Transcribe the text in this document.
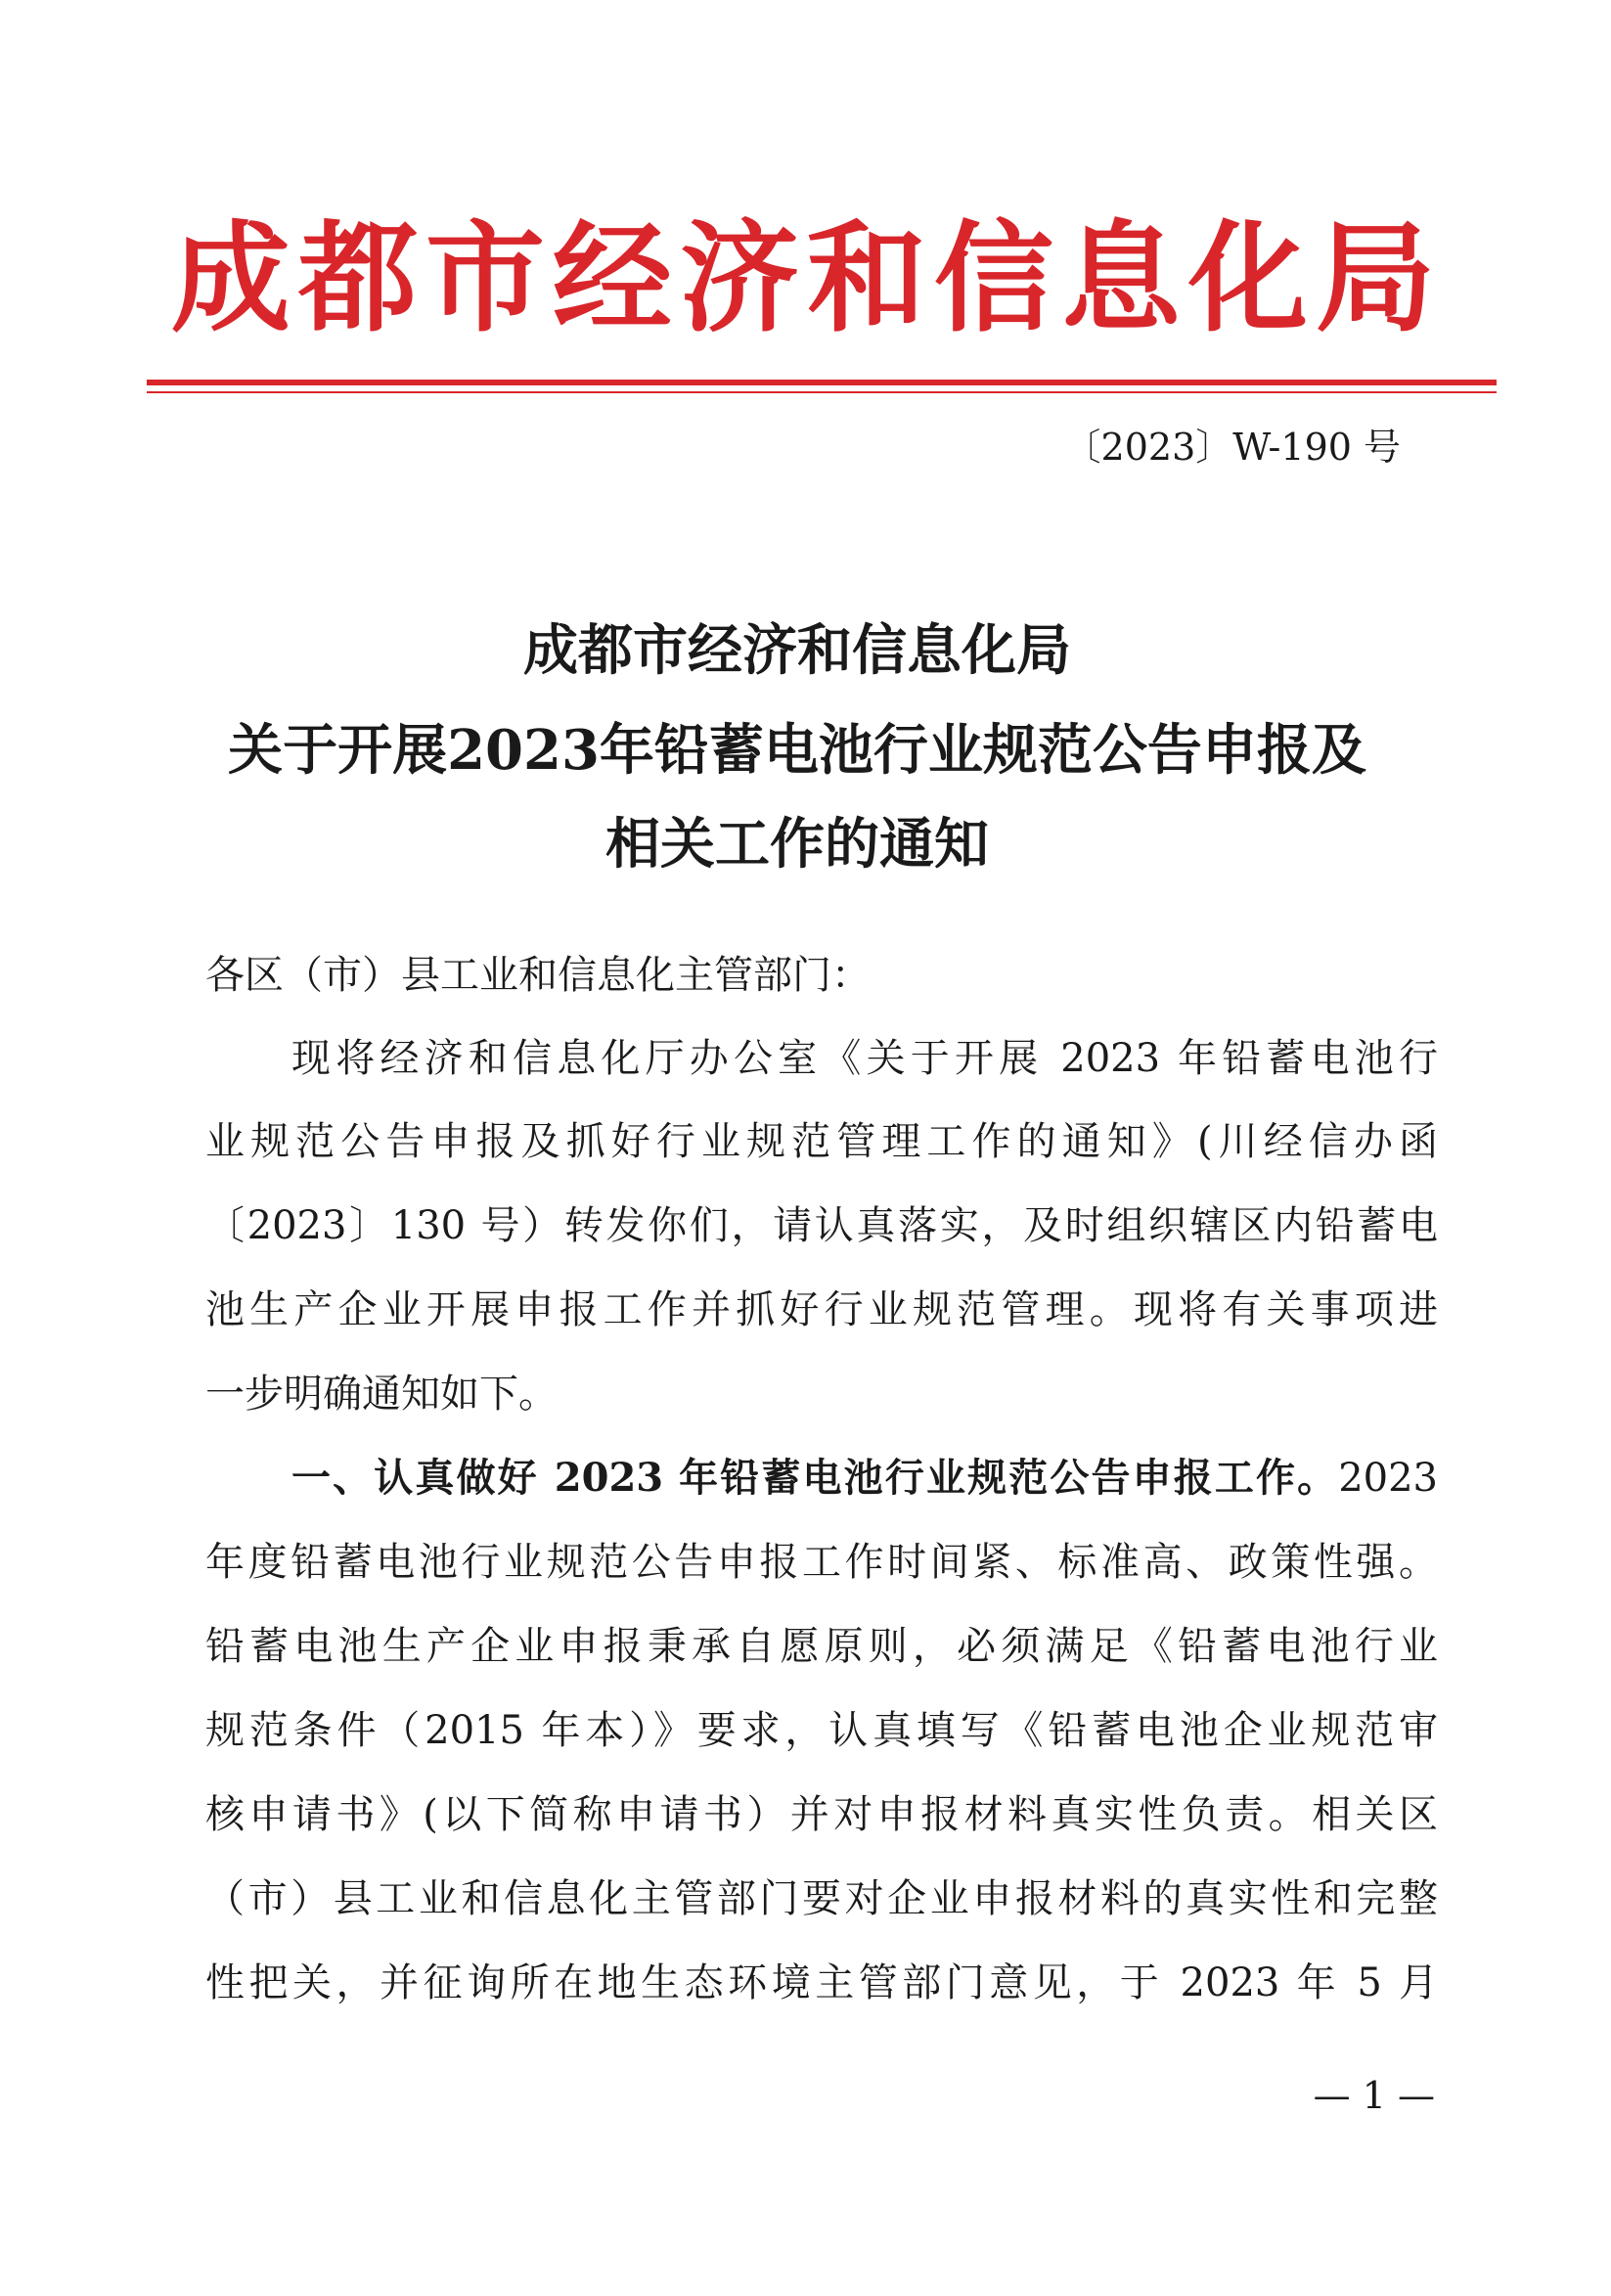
成都市经济和信息化局
〔2023〕W-190 号
成都市经济和信息化局
关于开展2023年铅蓄电池行业规范公告申报及
相关工作的通知
各区（市）县工业和信息化主管部门：
现将经济和信息化厅办公室《关于开展 2023 年铅蓄电池行
业规范公告申报及抓好行业规范管理工作的通知》(川经信办函
〔2023〕130 号）转发你们，请认真落实，及时组织辖区内铅蓄电
池生产企业开展申报工作并抓好行业规范管理。现将有关事项进
一步明确通知如下。
一、认真做好 2023 年铅蓄电池行业规范公告申报工作。2023
年度铅蓄电池行业规范公告申报工作时间紧、标准高、政策性强。
铅蓄电池生产企业申报秉承自愿原则，必须满足《铅蓄电池行业
规范条件（2015 年本）》要求，认真填写《铅蓄电池企业规范审
核申请书》(以下简称申请书）并对申报材料真实性负责。相关区
（市）县工业和信息化主管部门要对企业申报材料的真实性和完整
性把关，并征询所在地生态环境主管部门意见，于 2023 年 5 月
— 1 —
